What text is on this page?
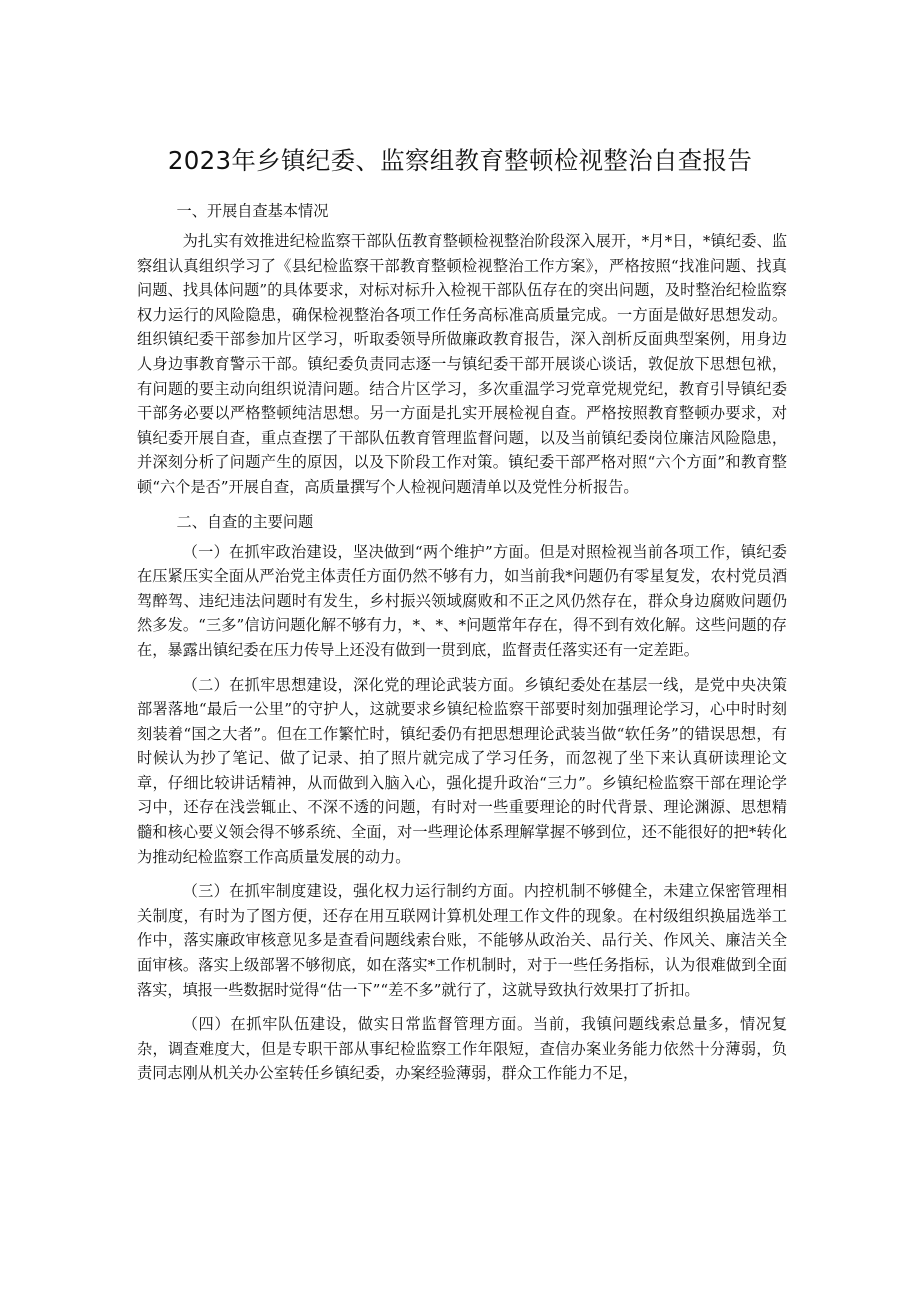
2023年乡镇纪委、监察组教育整顿检视整治自查报告

一、开展自查基本情况

为扎实有效推进纪检监察干部队伍教育整顿检视整治阶段深入展开，*月*日，*镇纪委、监察组认真组织学习了《县纪检监察干部教育整顿检视整治工作方案》，严格按照“找准问题、找真问题、找具体问题”的具体要求，对标对标升入检视干部队伍存在的突出问题，及时整治纪检监察权力运行的风险隐患，确保检视整治各项工作任务高标准高质量完成。一方面是做好思想发动。组织镇纪委干部参加片区学习，听取委领导所做廉政教育报告，深入剖析反面典型案例，用身边人身边事教育警示干部。镇纪委负责同志逐一与镇纪委干部开展谈心谈话，敦促放下思想包袱，有问题的要主动向组织说清问题。结合片区学习，多次重温学习党章党规党纪，教育引导镇纪委干部务必要以严格整顿纯洁思想。另一方面是扎实开展检视自查。严格按照教育整顿办要求，对镇纪委开展自查，重点查摆了干部队伍教育管理监督问题，以及当前镇纪委岗位廉洁风险隐患，并深刻分析了问题产生的原因，以及下阶段工作对策。镇纪委干部严格对照“六个方面”和教育整顿“六个是否”开展自查，高质量撰写个人检视问题清单以及党性分析报告。

二、自查的主要问题

（一）在抓牢政治建设，坚决做到“两个维护”方面。但是对照检视当前各项工作，镇纪委在压紧压实全面从严治党主体责任方面仍然不够有力，如当前我*问题仍有零星复发，农村党员酒驾醉驾、违纪违法问题时有发生，乡村振兴领域腐败和不正之风仍然存在，群众身边腐败问题仍然多发。“三多”信访问题化解不够有力，*、*、*问题常年存在，得不到有效化解。这些问题的存在，暴露出镇纪委在压力传导上还没有做到一贯到底，监督责任落实还有一定差距。

（二）在抓牢思想建设，深化党的理论武装方面。乡镇纪委处在基层一线，是党中央决策部署落地“最后一公里”的守护人，这就要求乡镇纪检监察干部要时刻加强理论学习，心中时时刻刻装着“国之大者”。但在工作繁忙时，镇纪委仍有把思想理论武装当做“软任务”的错误思想，有时候认为抄了笔记、做了记录、拍了照片就完成了学习任务，而忽视了坐下来认真研读理论文章，仔细比较讲话精神，从而做到入脑入心，强化提升政治“三力”。乡镇纪检监察干部在理论学习中，还存在浅尝辄止、不深不透的问题，有时对一些重要理论的时代背景、理论渊源、思想精髓和核心要义领会得不够系统、全面，对一些理论体系理解掌握不够到位，还不能很好的把*转化为推动纪检监察工作高质量发展的动力。

（三）在抓牢制度建设，强化权力运行制约方面。内控机制不够健全，未建立保密管理相关制度，有时为了图方便，还存在用互联网计算机处理工作文件的现象。在村级组织换届选举工作中，落实廉政审核意见多是查看问题线索台账，不能够从政治关、品行关、作风关、廉洁关全面审核。落实上级部署不够彻底，如在落实*工作机制时，对于一些任务指标，认为很难做到全面落实，填报一些数据时觉得“估一下”“差不多”就行了，这就导致执行效果打了折扣。

（四）在抓牢队伍建设，做实日常监督管理方面。当前，我镇问题线索总量多，情况复杂，调查难度大，但是专职干部从事纪检监察工作年限短，查信办案业务能力依然十分薄弱，负责同志刚从机关办公室转任乡镇纪委，办案经验薄弱，群众工作能力不足，
